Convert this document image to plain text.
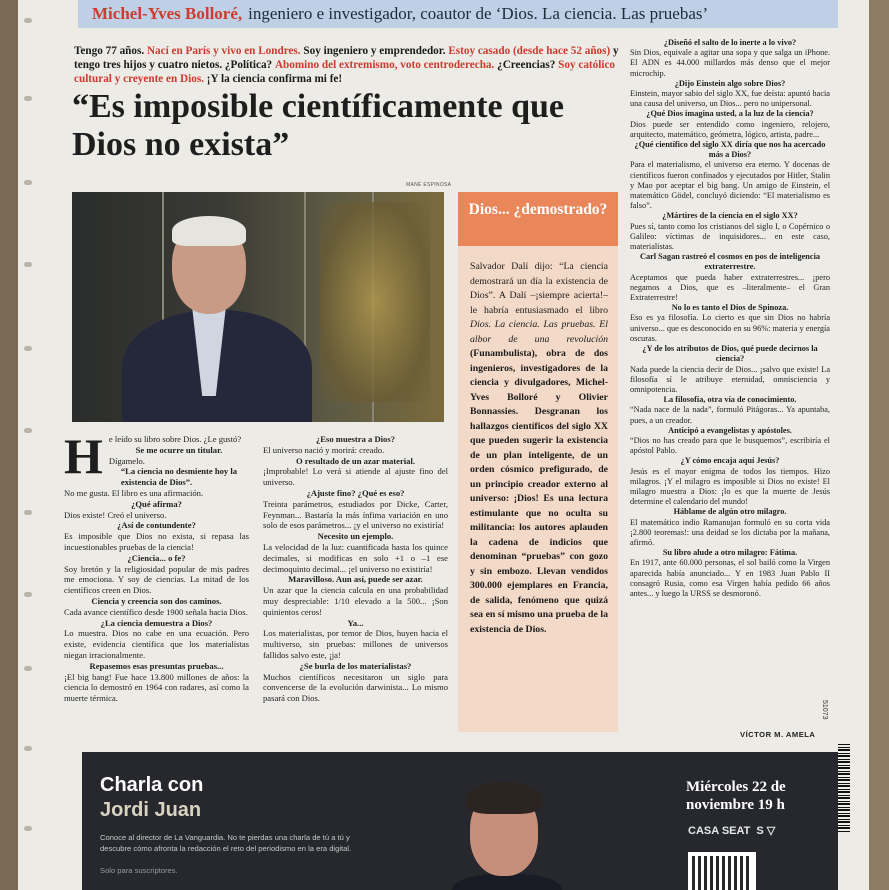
Michel-Yves Bolloré, ingeniero e investigador, coautor de ‘Dios. La ciencia. Las pruebas’
Tengo 77 años. Nací en París y vivo en Londres. Soy ingeniero y emprendedor. Estoy casado (desde hace 52 años) y tengo tres hijos y cuatro nietos. ¿Política? Abomino del extremismo, voto centroderecha. ¿Creencias? Soy católico cultural y creyente en Dios. ¡Y la ciencia confirma mi fe!
“Es imposible científicamente que Dios no exista”
MANÉ ESPINOSA
Dios... ¿demostrado?
Salvador Dalí dijo: “La ciencia demostrará un día la existencia de Dios”. A Dalí –¡siempre acierta!– le habría entusiasmado el libro Dios. La ciencia. Las pruebas. El albor de una revolución (Funambulista), obra de dos ingenieros, investigadores de la ciencia y divulgadores, Michel-Yves Bolloré y Olivier Bonnassies. Desgranan los hallazgos científicos del siglo XX que pueden sugerir la existencia de un plan inteligente, de un orden cósmico prefigurado, de un principio creador externo al universo: ¡Dios! Es una lectura estimulante que no oculta su militancia: los autores aplauden la cadena de indicios que denominan “pruebas” con gozo y sin embozo. Llevan vendidos 300.000 ejemplares en Francia, de salida, fenómeno que quizá sea en sí mismo una prueba de la existencia de Dios.
H e leído su libro sobre Dios. ¿Le gustó?

Se me ocurre un titular.

Dígamelo.

“La ciencia no desmiente hoy la existencia de Dios”.

No me gusta. El libro es una afirmación.

¿Qué afirma?

Dios existe! Creó el universo.

¿Así de contundente?

Es imposible que Dios no exista, si repasa las incuestionables pruebas de la ciencia!

¿Ciencia... o fe?

Soy bretón y la religiosidad popular de mis padres me emociona. Y soy de ciencias. La mitad de los científicos creen en Dios.

Ciencia y creencia son dos caminos.

Cada avance científico desde 1900 señala hacia Dios.

¿La ciencia demuestra a Dios?

Lo muestra. Dios no cabe en una ecuación. Pero existe, evidencia científica que los materialistas niegan irracionalmente.

Repasemos esas presuntas pruebas...

¡El big bang! Fue hace 13.800 millones de años: la ciencia lo demostró en 1964 con radares, así como la muerte térmica.

¿Eso muestra a Dios?

El universo nació y morirá: creado.

O resultado de un azar material.

¡Improbable! Lo verá si atiende al ajuste fino del universo.

¿Ajuste fino? ¿Qué es eso?

Treinta parámetros, estudiados por Dicke, Carter, Feynman... Bastaría la más ínfima variación en uno solo de esos parámetros... ¡y el universo no existiría!

Necesito un ejemplo.

La velocidad de la luz: cuantificada hasta los quince decimales, si modificas en solo +1 o –1 ese decimoquinto decimal... ¡el universo no existiría!

Maravilloso. Aun así, puede ser azar.

Un azar que la ciencia calcula en una probabilidad muy despreciable: 1/10 elevado a la 500... ¡Son quinientos ceros!

Ya...

Los materialistas, por temor de Dios, huyen hacia el multiverso, sin pruebas: millones de universos fallidos salvo este, ¡ja!

¿Se burla de los materialistas?

Muchos científicos necesitaron un siglo para convencerse de la evolución darwinista... Lo mismo pasará con Dios.

¿Diseñó el salto de lo inerte a lo vivo?

Sin Dios, equivale a agitar una sopa y que salga un iPhone. El ADN es 44.000 millardos más denso que el mejor microchip.

¿Dijo Einstein algo sobre Dios?

Einstein, mayor sabio del siglo XX, fue deísta: apuntó hacia una causa del universo, un Dios... pero no unipersonal.

¿Qué Dios imagina usted, a la luz de la ciencia?

Dios puede ser entendido como ingeniero, relojero, arquitecto, matemático, geómetra, lógico, artista, padre...

¿Qué científico del siglo XX diría que nos ha acercado más a Dios?

Para el materialismo, el universo era eterno. Y docenas de científicos fueron confinados y ejecutados por Hitler, Stalin y Mao por aceptar el big bang. Un amigo de Einstein, el matemático Gödel, concluyó diciendo: “El materialismo es falso”.

¿Mártires de la ciencia en el siglo XX?

Pues sí, tanto como los cristianos del siglo I, o Copérnico o Galileo: víctimas de inquisidores... en este caso, materialistas.

Carl Sagan rastreó el cosmos en pos de inteligencia extraterrestre.

Aceptamos que pueda haber extraterrestres... ¡pero negamos a Dios, que es –literalmente– el Gran Extraterrestre!

No lo es tanto el Dios de Spinoza.

Eso es ya filosofía. Lo cierto es que sin Dios no habría universo... que es desconocido en su 96%: materia y energía oscuras.

¿Y de los atributos de Dios, qué puede decirnos la ciencia?

Nada puede la ciencia decir de Dios... ¡salvo que existe! La filosofía sí le atribuye eternidad, omnisciencia y omnipotencia.

La filosofía, otra vía de conocimiento.

“Nada nace de la nada”, formuló Pitágoras... Ya apuntaba, pues, a un creador.

Anticipó a evangelistas y apóstoles.

“Dios no has creado para que le busquemos”, escribiría el apóstol Pablo.

¿Y cómo encaja aquí Jesús?

Jesús es el mayor enigma de todos los tiempos. Hizo milagros. ¡Y el milagro es imposible si Dios no existe! El milagro muestra a Dios: ¡lo es que la muerte de Jesús determine el calendario del mundo!

Háblame de algún otro milagro.

El matemático indio Ramanujan formuló en su corta vida ¡2.800 teoremas!: una deidad se los dictaba por la mañana, afirmó.

Su libro alude a otro milagro: Fátima.

En 1917, ante 60.000 personas, el sol bailó como la Virgen aparecida había anunciado... Y en 1983 Juan Pablo II consagró Rusia, como esa Virgen había pedido 66 años antes... y luego la URSS se desmoronó.

VÍCTOR M. AMELA
51073
Charla con
Jordi Juan
Conoce al director de La Vanguardia. No te pierdas una charla de tú a tú y descubre cómo afronta la redacción el reto del periodismo en la era digital.
Solo para suscriptores.
Miércoles 22 de noviembre 19 h
CASA SEAT S ▽
